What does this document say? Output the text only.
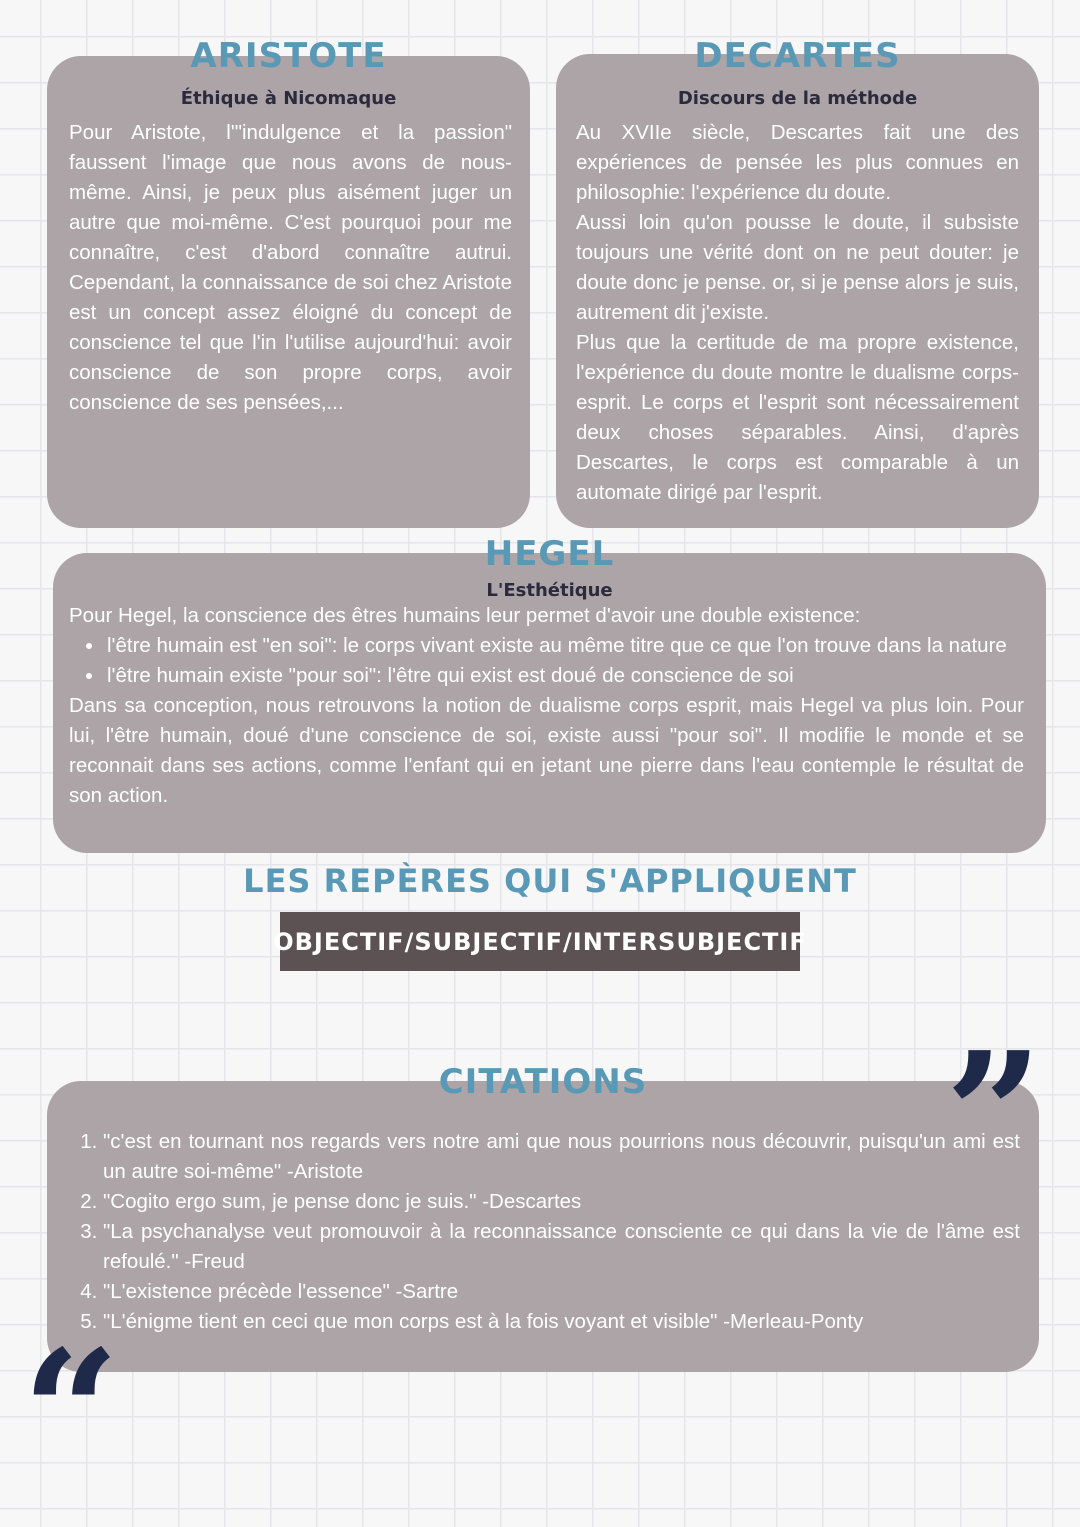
ARISTOTE
Éthique à Nicomaque
Pour Aristote, l'"indulgence et la passion" faussent l'image que nous avons de nous-même. Ainsi, je peux plus aisément juger un autre que moi-même. C'est pourquoi pour me connaître, c'est d'abord connaître autrui. Cependant, la connaissance de soi chez Aristote est un concept assez éloigné du concept de conscience tel que l'in l'utilise aujourd'hui: avoir conscience de son propre corps, avoir conscience de ses pensées,...
DECARTES
Discours de la méthode

Au XVIIe siècle, Descartes fait une des expériences de pensée les plus connues en philosophie: l'expérience du doute.

Aussi loin qu'on pousse le doute, il subsiste toujours une vérité dont on ne peut douter: je doute donc je pense. or, si je pense alors je suis, autrement dit j'existe.

Plus que la certitude de ma propre existence, l'expérience du doute montre le dualisme corps-esprit. Le corps et l'esprit sont nécessairement deux choses séparables. Ainsi, d'après Descartes, le corps est comparable à un automate dirigé par l'esprit.

HEGEL
L'Esthétique

Pour Hegel, la conscience des êtres humains leur permet d'avoir une double existence:

• l'être humain est "en soi": le corps vivant existe au même titre que ce que l'on trouve dans la nature
• l'être humain existe "pour soi": l'être qui exist est doué de conscience de soi

Dans sa conception, nous retrouvons la notion de dualisme corps esprit, mais Hegel va plus loin. Pour lui, l'être humain, doué d'une conscience de soi, existe aussi "pour soi". Il modifie le monde et se reconnait dans ses actions, comme l'enfant qui en jetant une pierre dans l'eau contemple le résultat de son action.

LES REPÈRES QUI S'APPLIQUENT
OBJECTIF/SUBJECTIF/INTERSUBJECTIF
CITATIONS	”
1. "c'est en tournant nos regards vers notre ami que nous pourrions nous découvrir, puisqu'un ami est un autre soi-même" -Aristote
2. "Cogito ergo sum, je pense donc je suis." -Descartes
3. "La psychanalyse veut promouvoir à la reconnaissance consciente ce qui dans la vie de l'âme est refoulé." -Freud
4. "L'existence précède l'essence" -Sartre
5. "L'énigme tient en ceci que mon corps est à la fois voyant et visible" -Merleau-Ponty
“
